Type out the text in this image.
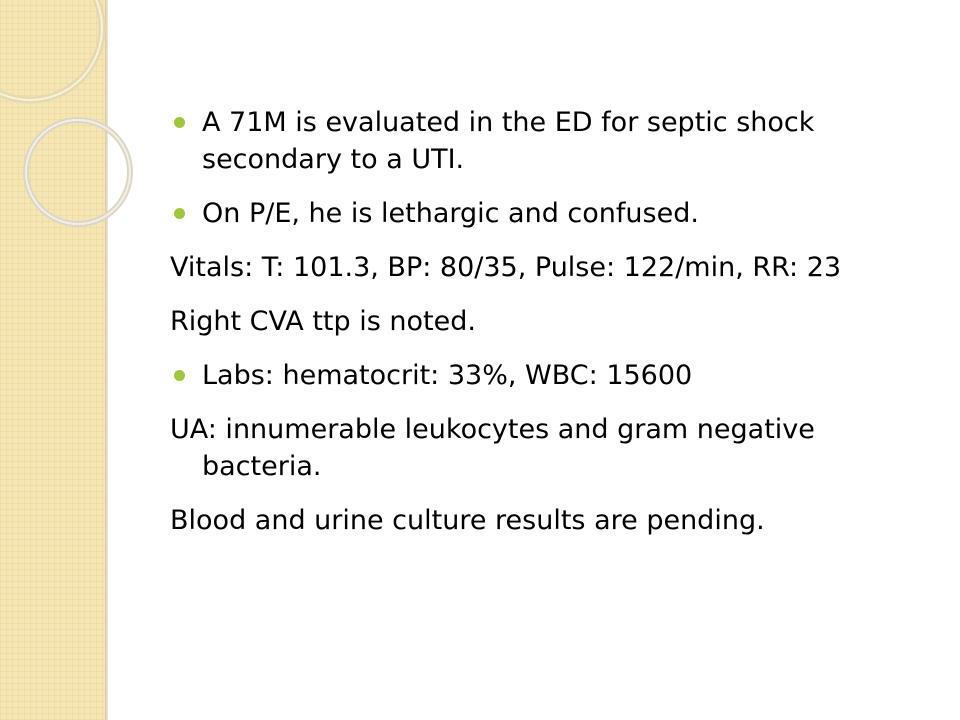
A 71M is evaluated in the ED for septic shock secondary to a UTI.
On P/E, he is lethargic and confused.
Vitals: T: 101.3, BP: 80/35, Pulse: 122/min, RR: 23
Right CVA ttp is noted.
Labs: hematocrit: 33%, WBC: 15600
UA: innumerable leukocytes and gram negative bacteria.
Blood and urine culture results are pending.
